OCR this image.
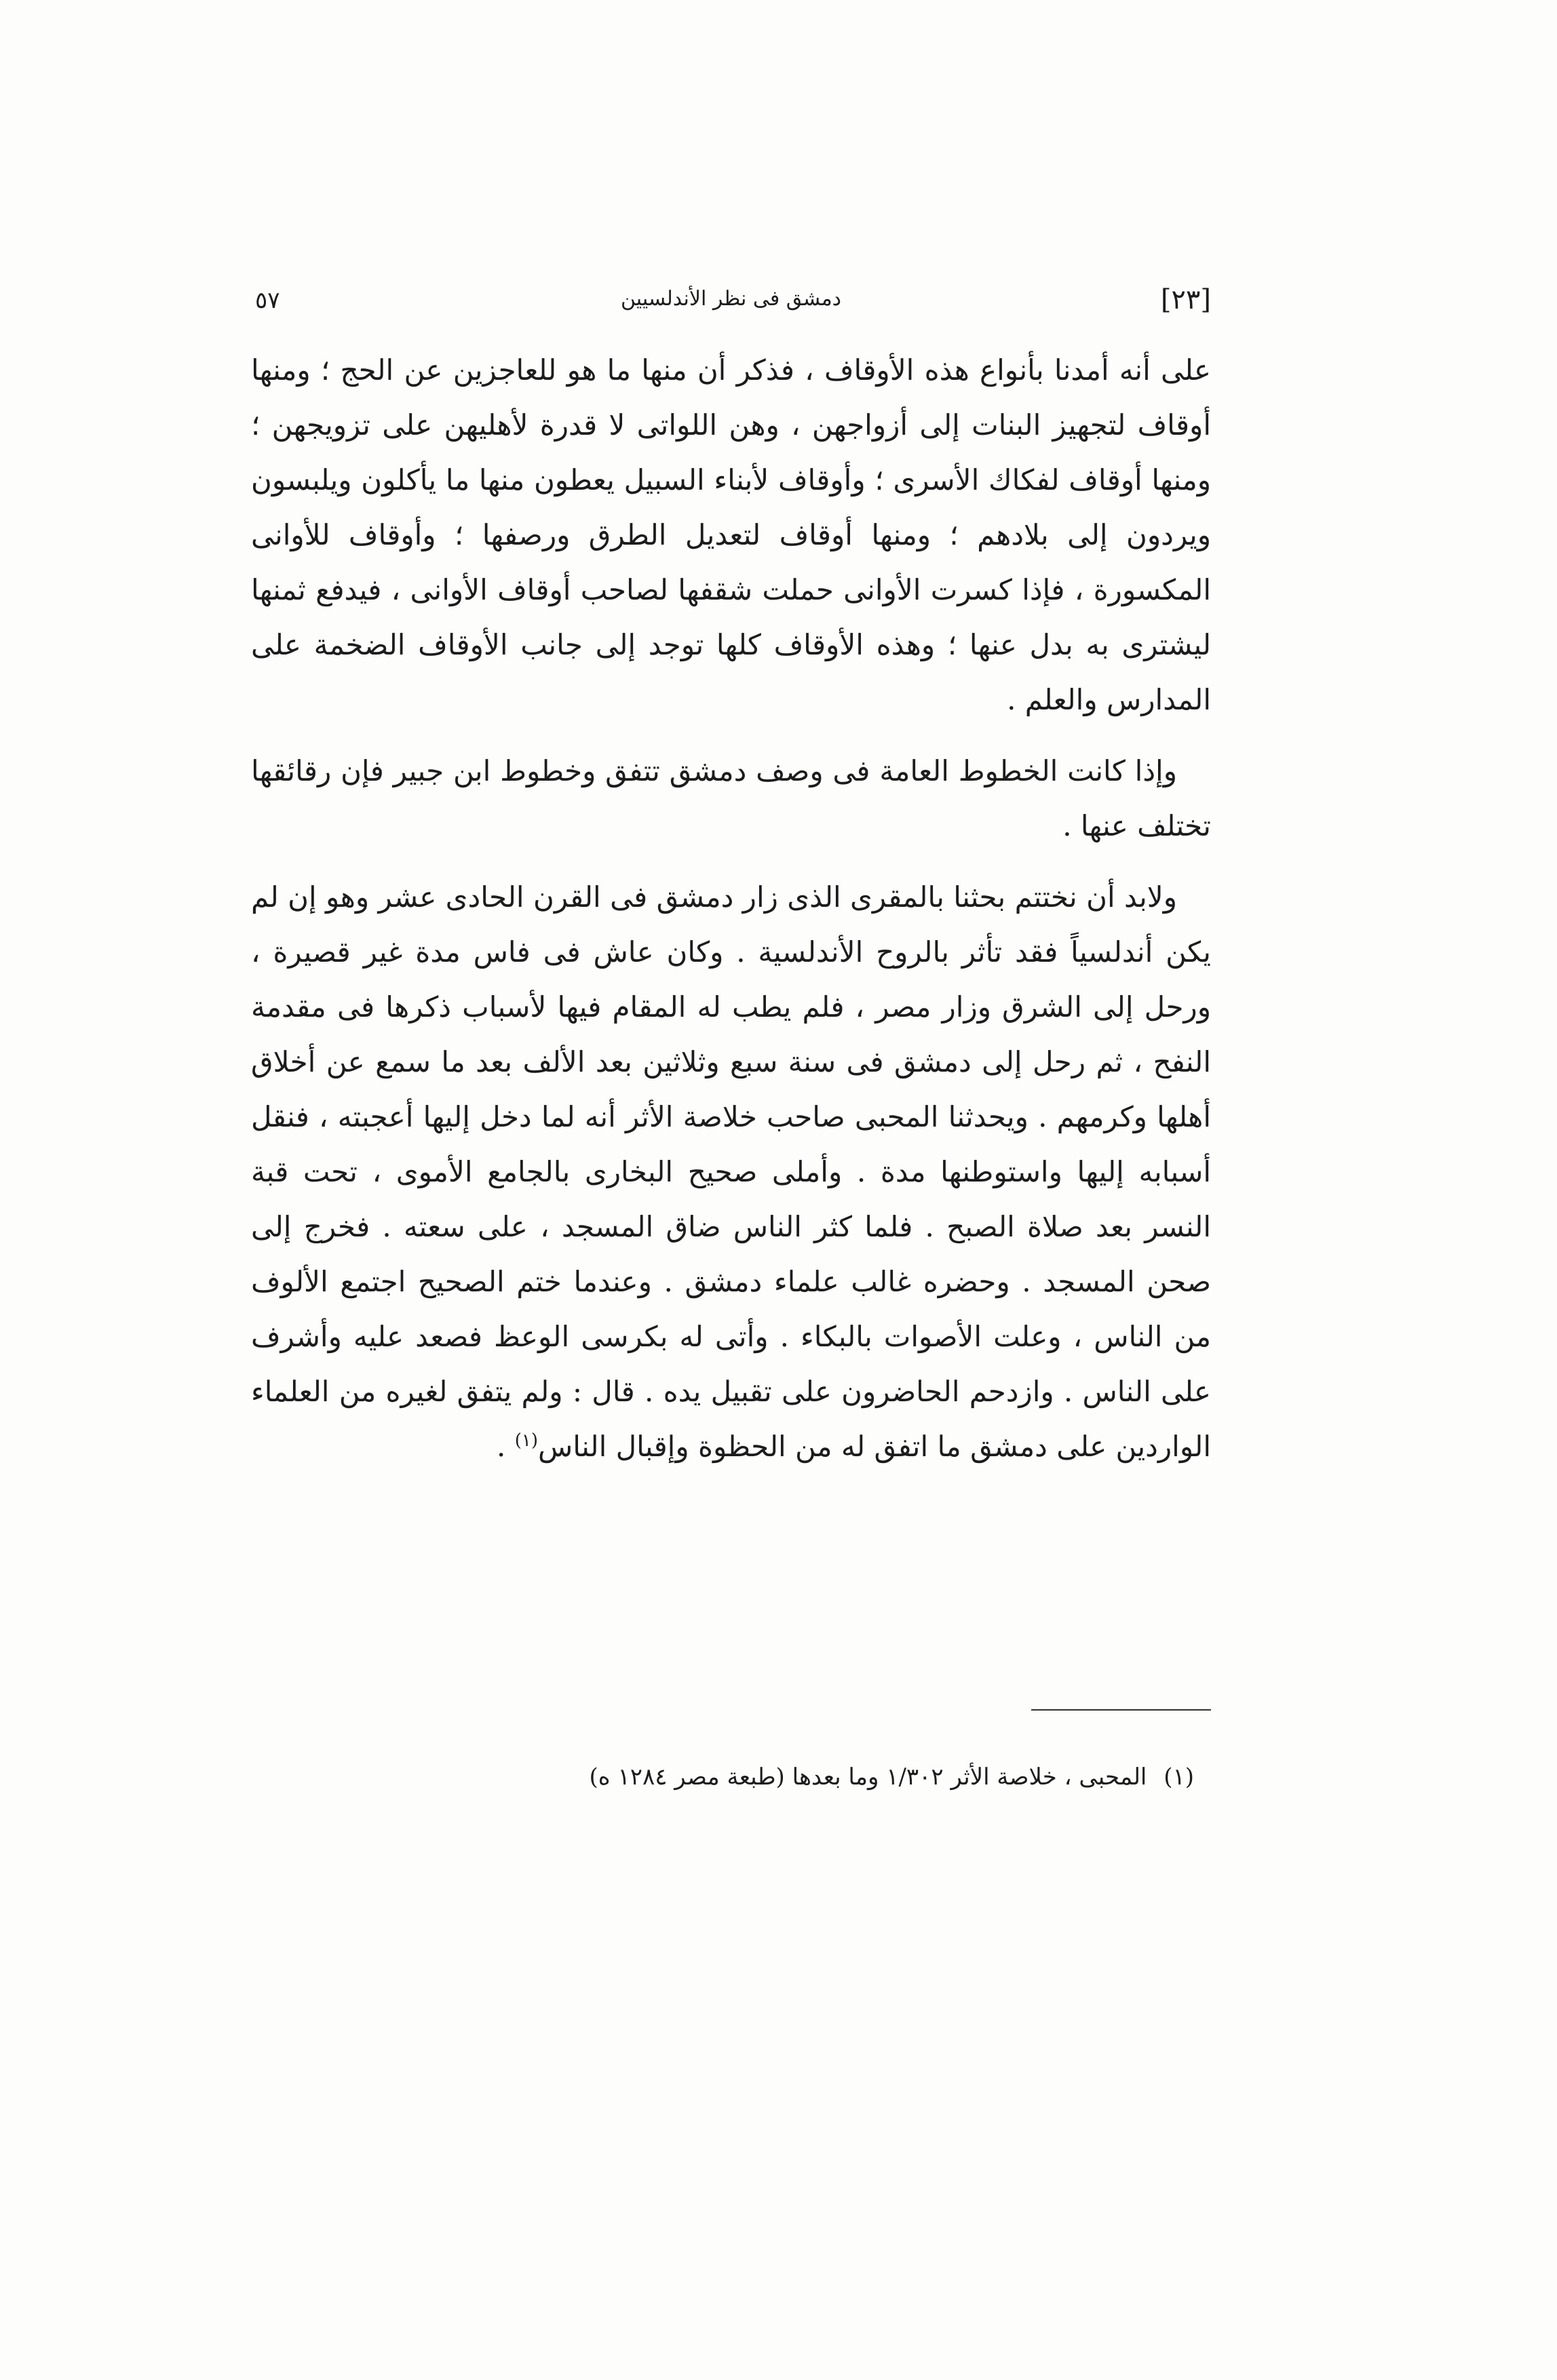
[٢٣]
دمشق فى نظر الأندلسيين
٥٧

على أنه أمدنا بأنواع هذه الأوقاف ، فذكر أن منها ما هو للعاجزين عن الحج ؛ ومنها أوقاف لتجهيز البنات إلى أزواجهن ، وهن اللواتى لا قدرة لأهليهن على تزويجهن ؛ ومنها أوقاف لفكاك الأسرى ؛ وأوقاف لأبناء السبيل يعطون منها ما يأكلون ويلبسون ويردون إلى بلادهم ؛ ومنها أوقاف لتعديل الطرق ورصفها ؛ وأوقاف للأوانى المكسورة ، فإذا كسرت الأوانى حملت شقفها لصاحب أوقاف الأوانى ، فيدفع ثمنها ليشترى به بدل عنها ؛ وهذه الأوقاف كلها توجد إلى جانب الأوقاف الضخمة على المدارس والعلم .

وإذا كانت الخطوط العامة فى وصف دمشق تتفق وخطوط ابن جبير فإن رقائقها تختلف عنها .

ولابد أن نختتم بحثنا بالمقرى الذى زار دمشق فى القرن الحادى عشر وهو إن لم يكن أندلسياً فقد تأثر بالروح الأندلسية . وكان عاش فى فاس مدة غير قصيرة ، ورحل إلى الشرق وزار مصر ، فلم يطب له المقام فيها لأسباب ذكرها فى مقدمة النفح ، ثم رحل إلى دمشق فى سنة سبع وثلاثين بعد الألف بعد ما سمع عن أخلاق أهلها وكرمهم . ويحدثنا المحبى صاحب خلاصة الأثر أنه لما دخل إليها أعجبته ، فنقل أسبابه إليها واستوطنها مدة . وأملى صحيح البخارى بالجامع الأموى ، تحت قبة النسر بعد صلاة الصبح . فلما كثر الناس ضاق المسجد ، على سعته . فخرج إلى صحن المسجد . وحضره غالب علماء دمشق . وعندما ختم الصحيح اجتمع الألوف من الناس ، وعلت الأصوات بالبكاء . وأتى له بكرسى الوعظ فصعد عليه وأشرف على الناس . وازدحم الحاضرون على تقبيل يده . قال : ولم يتفق لغيره من العلماء الواردين على دمشق ما اتفق له من الحظوة وإقبال الناس$^{(١)}$ .

(١) المحبى ، خلاصة الأثر ١/٣٠٢ وما بعدها (طبعة مصر ١٢٨٤ ه)
